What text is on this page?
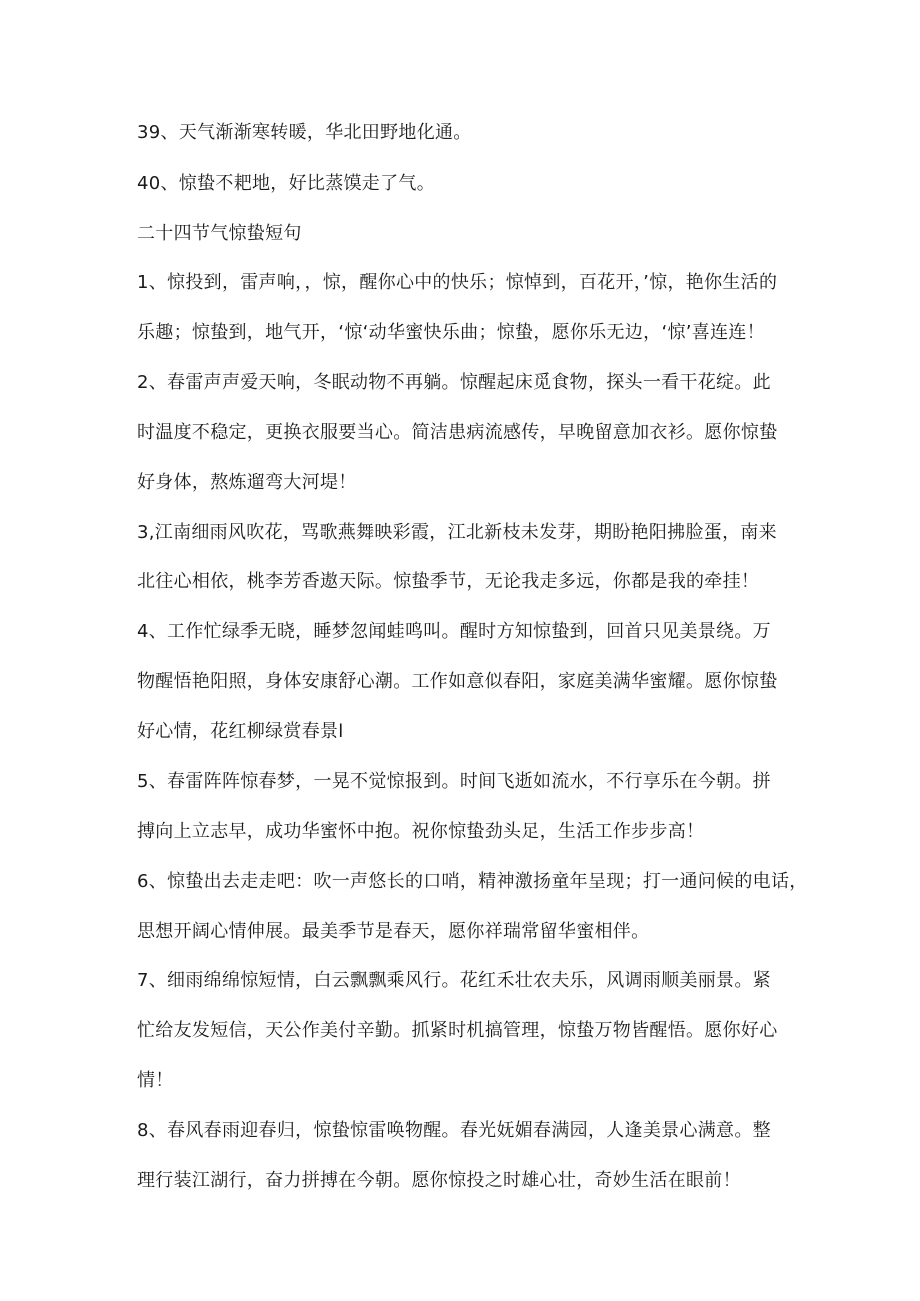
39、天气渐渐寒转暖，华北田野地化通。
40、惊蛰不耙地，好比蒸馍走了气。
二十四节气惊蛰短句
1、惊投到，雷声响，，惊，醒你心中的快乐；惊悼到，百花开，’惊，艳你生活的
乐趣；惊蛰到，地气开，‘惊‘动华蜜快乐曲；惊蛰，愿你乐无边，‘惊’喜连连！
2、春雷声声爱天响，冬眠动物不再躺。惊醒起床觅食物，探头一看干花绽。此
时温度不稳定，更换衣服要当心。简洁患病流感传，早晚留意加衣衫。愿你惊蛰
好身体，熬炼遛弯大河堤！
3,江南细雨风吹花，骂歌燕舞映彩霞，江北新枝未发芽，期盼艳阳拂脸蛋，南来
北往心相依，桃李芳香遨天际。惊蛰季节，无论我走多远，你都是我的牵挂！
4、工作忙绿季无晓，睡梦忽闻蛙鸣叫。醒时方知惊蛰到，回首只见美景绕。万
物醒悟艳阳照，身体安康舒心潮。工作如意似春阳，家庭美满华蜜耀。愿你惊蛰
好心情，花红柳绿赏春景l
5、春雷阵阵惊春梦，一晃不觉惊报到。时间飞逝如流水，不行享乐在今朝。拼
搏向上立志早，成功华蜜怀中抱。祝你惊蛰劲头足，生活工作步步高！
6、惊蛰出去走走吧：吹一声悠长的口哨，精神激扬童年呈现；打一通问候的电话，
思想开阔心情伸展。最美季节是春天，愿你祥瑞常留华蜜相伴。
7、细雨绵绵惊短情，白云飘飘乘风行。花红禾壮农夫乐，风调雨顺美丽景。紧
忙给友发短信，天公作美付辛勤。抓紧时机搞管理，惊蛰万物皆醒悟。愿你好心
情！
8、春风春雨迎春归，惊蛰惊雷唤物醒。春光妩媚春满园，人逢美景心满意。整
理行装江湖行，奋力拼搏在今朝。愿你惊投之时雄心壮，奇妙生活在眼前！
